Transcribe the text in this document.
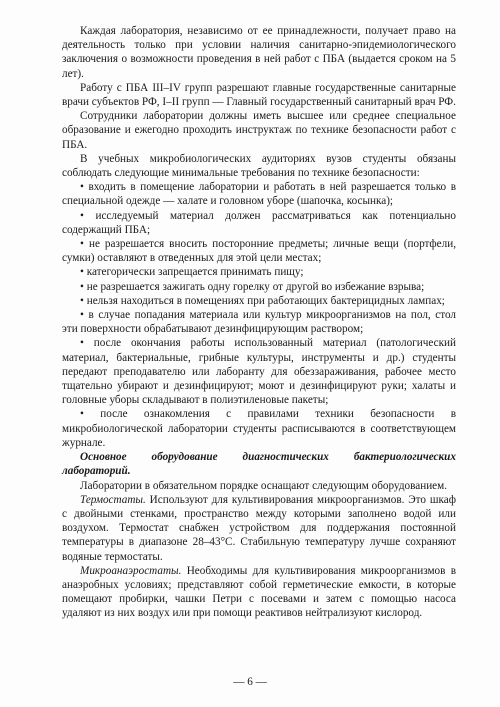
Каждая лаборатория, независимо от ее принадлежности, получает право на деятельность только при условии наличия санитарно-эпидемиологического заключения о возможности проведения в ней работ с ПБА (выдается сроком на 5 лет).

Работу с ПБА III–IV групп разрешают главные государственные санитарные врачи субъектов РФ, I–II групп — Главный государственный санитарный врач РФ.

Сотрудники лаборатории должны иметь высшее или среднее специальное образование и ежегодно проходить инструктаж по технике безопасности работ с ПБА.

В учебных микробиологических аудиториях вузов студенты обязаны соблюдать следующие минимальные требования по технике безопасности:

• входить в помещение лаборатории и работать в ней разрешается только в специальной одежде — халате и головном уборе (шапочка, косынка);

• исследуемый материал должен рассматриваться как потенциально содержащий ПБА;

• не разрешается вносить посторонние предметы; личные вещи (портфели, сумки) оставляют в отведенных для этой цели местах;

• категорически запрещается принимать пищу;

• не разрешается зажигать одну горелку от другой во избежание взрыва;

• нельзя находиться в помещениях при работающих бактерицидных лампах;

• в случае попадания материала или культур микроорганизмов на пол, стол эти поверхности обрабатывают дезинфицирующим раствором;

• после окончания работы использованный материал (патологический материал, бактериальные, грибные культуры, инструменты и др.) студенты передают преподавателю или лаборанту для обеззараживания, рабочее место тщательно убирают и дезинфицируют; моют и дезинфицируют руки; халаты и головные уборы складывают в полиэтиленовые пакеты;

• после ознакомления с правилами техники безопасности в микробиологической лаборатории студенты расписываются в соответствующем журнале.

Основное оборудование диагностических бактериологических лабораторий.

Лаборатории в обязательном порядке оснащают следующим оборудованием.

Термостаты. Используют для культивирования микроорганизмов. Это шкаф с двойными стенками, пространство между которыми заполнено водой или воздухом. Термостат снабжен устройством для поддержания постоянной температуры в диапазоне 28–43°С. Стабильную температуру лучше сохраняют водяные термостаты.

Микроанаэростаты. Необходимы для культивирования микроорганизмов в анаэробных условиях; представляют собой герметические емкости, в которые помещают пробирки, чашки Петри с посевами и затем с помощью насоса удаляют из них воздух или при помощи реактивов нейтрализуют кислород.

— 6 —
